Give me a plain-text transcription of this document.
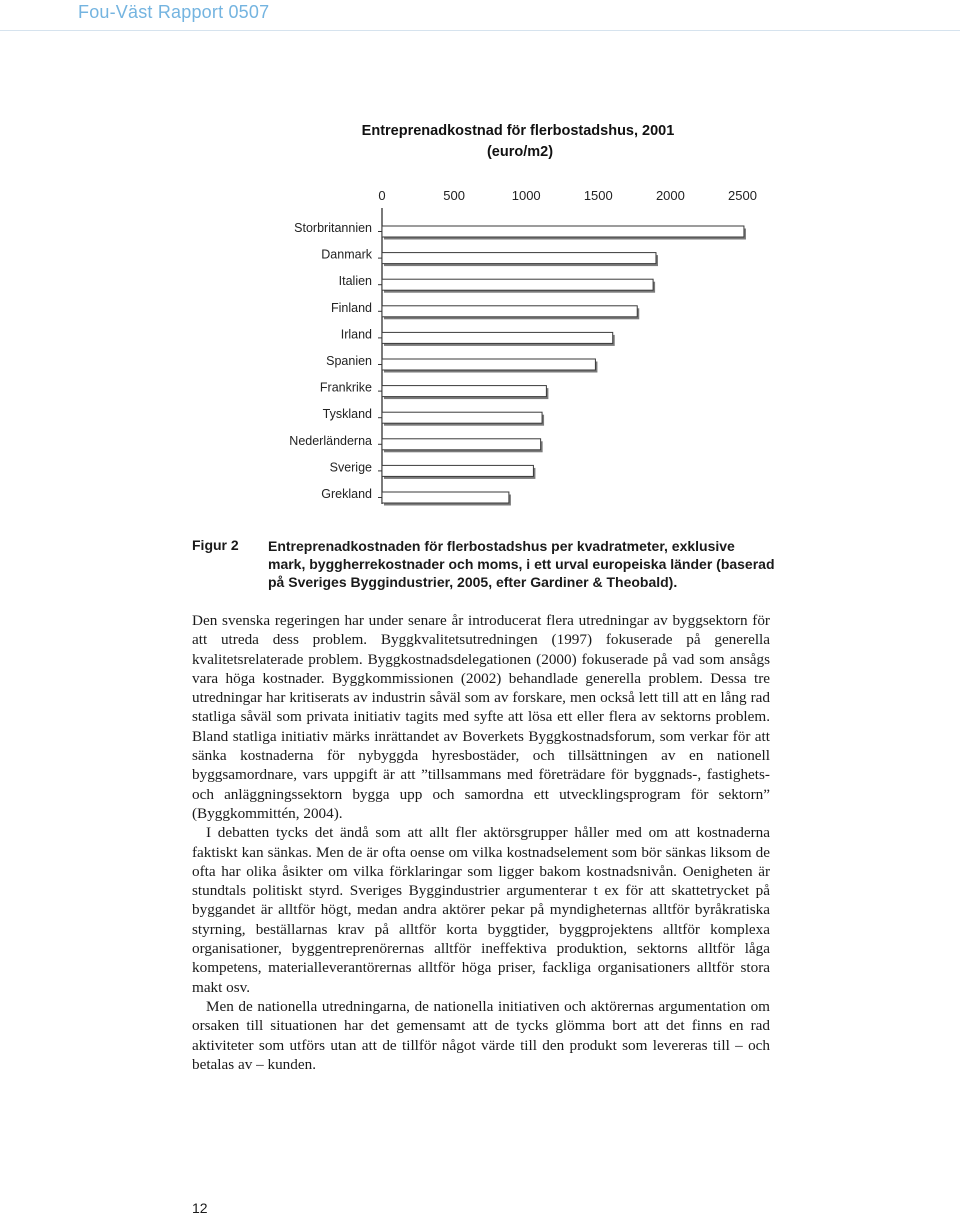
Fou-Väst Rapport 0507
Entreprenadkostnad för flerbostadshus, 2001
(euro/m2)
0	500	1000	1500	2000	2500
Storbritannien
Danmark
Italien
Finland
Irland
Spanien
Frankrike
Tyskland
Nederländerna
Sverige
Grekland
Figur 2 Entreprenadkostnaden för flerbostadshus per kvadratmeter, exklusive mark, byggherrekostnader och moms, i ett urval europeiska länder (baserad på Sveriges Byggindustrier, 2005, efter Gardiner & Theobald).

Den svenska regeringen har under senare år introducerat flera utredningar av byggsektorn för att utreda dess problem. Byggkvalitetsutredningen (1997) fokuserade på generella kvalitetsrelaterade problem. Byggkostnadsdelegationen (2000) fokuserade på vad som ansågs vara höga kostnader. Byggkommissionen (2002) behandlade generella problem. Dessa tre utredningar har kritiserats av industrin såväl som av forskare, men också lett till att en lång rad statliga såväl som privata initiativ tagits med syfte att lösa ett eller flera av sektorns problem. Bland statliga initiativ märks inrättandet av Boverkets Byggkostnadsforum, som verkar för att sänka kostnaderna för nybyggda hyresbostäder, och tillsättningen av en nationell byggsamordnare, vars uppgift är att ”tillsammans med företrädare för byggnads-, fastighets- och anläggningssektorn bygga upp och samordna ett utvecklingsprogram för sektorn” (Byggkommittén, 2004).

I debatten tycks det ändå som att allt fler aktörsgrupper håller med om att kostnaderna faktiskt kan sänkas. Men de är ofta oense om vilka kostnadselement som bör sänkas liksom de ofta har olika åsikter om vilka förklaringar som ligger bakom kostnadsnivån. Oenigheten är stundtals politiskt styrd. Sveriges Byggindustrier argumenterar t ex för att skattetrycket på byggandet är alltför högt, medan andra aktörer pekar på myndigheternas alltför byråkratiska styrning, beställarnas krav på alltför korta byggtider, byggprojektens alltför komplexa organisationer, byggentreprenörernas alltför ineffektiva produktion, sektorns alltför låga kompetens, materialleverantörernas alltför höga priser, fackliga organisationers alltför stora makt osv.

Men de nationella utredningarna, de nationella initiativen och aktörernas argumentation om orsaken till situationen har det gemensamt att de tycks glömma bort att det finns en rad aktiviteter som utförs utan att de tillför något värde till den produkt som levereras till – och betalas av – kunden.

12
